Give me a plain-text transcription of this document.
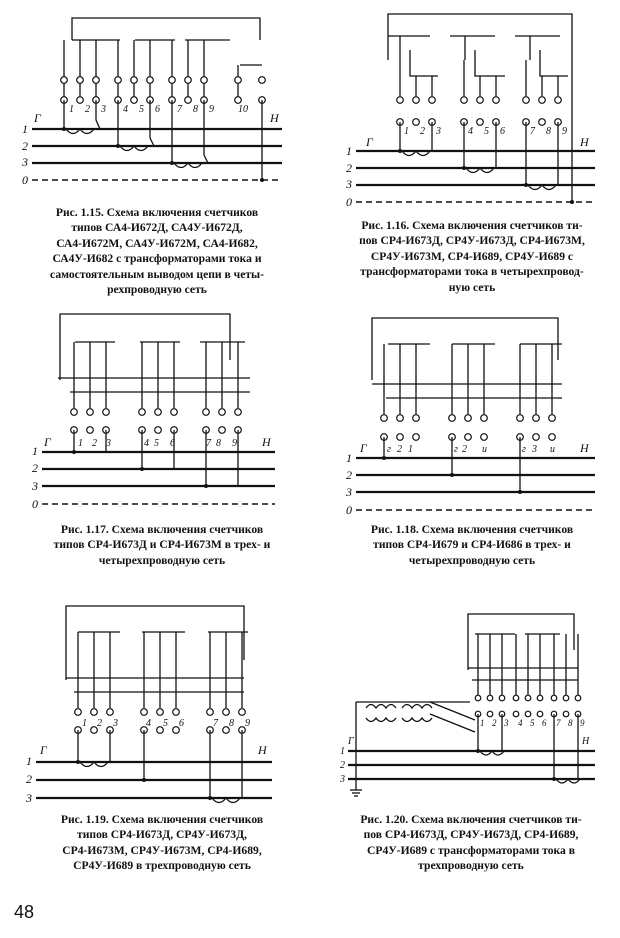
1
2
3
0
Г	Н
1 2 3 4 5 6 7 8 9 10
Рис. 1.15. Схема включения счетчиков
типов СА4-И672Д, СА4У-И672Д,
СА4-И672М, СА4У-И672М, СА4-И682,
СА4У-И682 с трансформаторами тока и
самостоятельным выводом цепи в четы-
рехпроводную сеть
1
2
3
0
Г	Н
1 2 3	4 5 6	7 8 9
Рис. 1.16. Схема включения счетчиков ти-
пов СР4-И673Д, СР4У-И673Д, СР4-И673М,
СР4У-И673М, СР4-И689, СР4У-И689 с
трансформаторами тока в четырехпровод-
ную сеть
1
2
3
0
Г	Н
1 2 3	4 5 6	7 8 9
Рис. 1.17. Схема включения счетчиков
типов СР4-И673Д и СР4-И673М в трех- и
четырехпроводную сеть
1
2
3
0
Г	Н
г 2 1	г 2 и	г 3 и
Рис. 1.18. Схема включения счетчиков
типов СР4-И679 и СР4-И686 в трех- и
четырехпроводную сеть
1
2
3
Г	Н
1 2 3	4 5 6	7 8 9
Рис. 1.19. Схема включения счетчиков
типов СР4-И673Д, СР4У-И673Д,
СР4-И673М, СР4У-И673М, СР4-И689,
СР4У-И689 в трехпроводную сеть
1
2
3
Г	Н
1 2 3 4 5 6 7 8 9
Рис. 1.20. Схема включения счетчиков ти-
пов СР4-И673Д, СР4У-И673Д, СР4-И689,
СР4У-И689 с трансформаторами тока в
трехпроводную сеть
48
